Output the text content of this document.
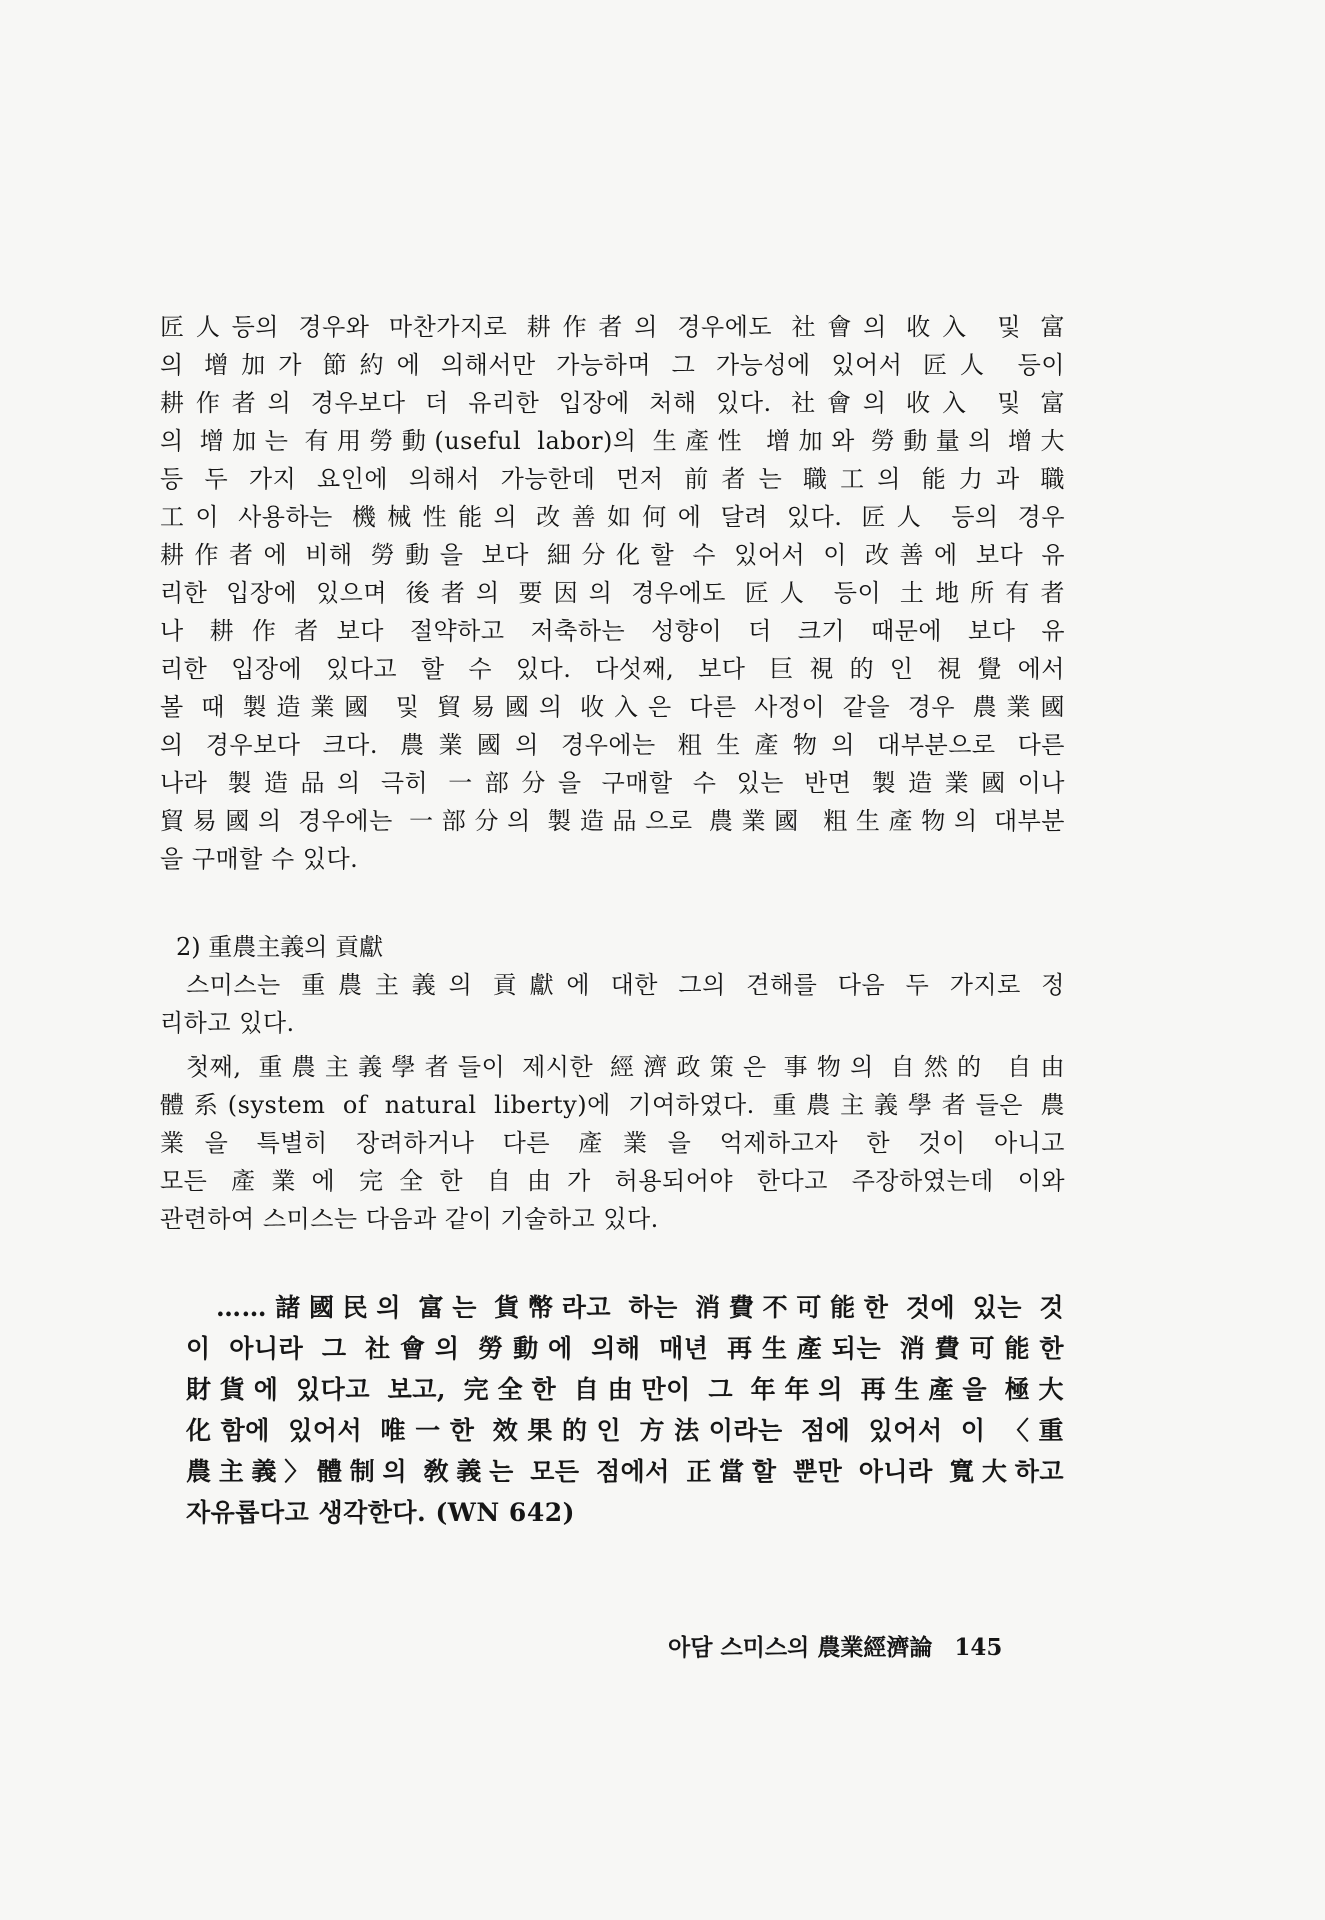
匠人등의 경우와 마찬가지로 耕作者의 경우에도 社會의 收入 및 富
의 增加가 節約에 의해서만 가능하며 그 가능성에 있어서 匠人 등이
耕作者의 경우보다 더 유리한 입장에 처해 있다. 社會의 收入 및 富
의 增加는 有用勞動(useful labor)의 生產性 增加와 勞動量의 增大
등 두 가지 요인에 의해서 가능한데 먼저 前者는 職工의 能力과 職
工이 사용하는 機械性能의 改善如何에 달려 있다. 匠人 등의 경우
耕作者에 비해 勞動을 보다 細分化할 수 있어서 이 改善에 보다 유
리한 입장에 있으며 後者의 要因의 경우에도 匠人 등이 土地所有者
나 耕作者보다 절약하고 저축하는 성향이 더 크기 때문에 보다 유
리한 입장에 있다고 할 수 있다. 다섯째, 보다 巨視的인 視覺에서
볼 때 製造業國 및 貿易國의 收入은 다른 사정이 같을 경우 農業國
의 경우보다 크다. 農業國의 경우에는 粗生產物의 대부분으로 다른
나라 製造品의 극히 一部分을 구매할 수 있는 반면 製造業國이나
貿易國의 경우에는 一部分의 製造品으로 農業國 粗生產物의 대부분
을 구매할 수 있다.
2) 重農主義의 貢獻
스미스는 重農主義의 貢獻에 대한 그의 견해를 다음 두 가지로 정
리하고 있다.
첫째, 重農主義學者들이 제시한 經濟政策은 事物의 自然的 自由
體系(system of natural liberty)에 기여하였다. 重農主義學者들은 農
業을 특별히 장려하거나 다른 產業을 억제하고자 한 것이 아니고
모든 產業에 完全한 自由가 허용되어야 한다고 주장하였는데 이와
관련하여 스미스는 다음과 같이 기술하고 있다.
……諸國民의 富는 貨幣라고 하는 消費不可能한 것에 있는 것
이 아니라 그 社會의 勞動에 의해 매년 再生產되는 消費可能한
財貨에 있다고 보고, 完全한 自由만이 그 年年의 再生產을 極大
化함에 있어서 唯一한 效果的인 方法이라는 점에 있어서 이 〈重
農主義〉體制의 敎義는 모든 점에서 正當할 뿐만 아니라 寬大하고
자유롭다고 생각한다. (WN 642)
아담 스미스의 農業經濟論 145
